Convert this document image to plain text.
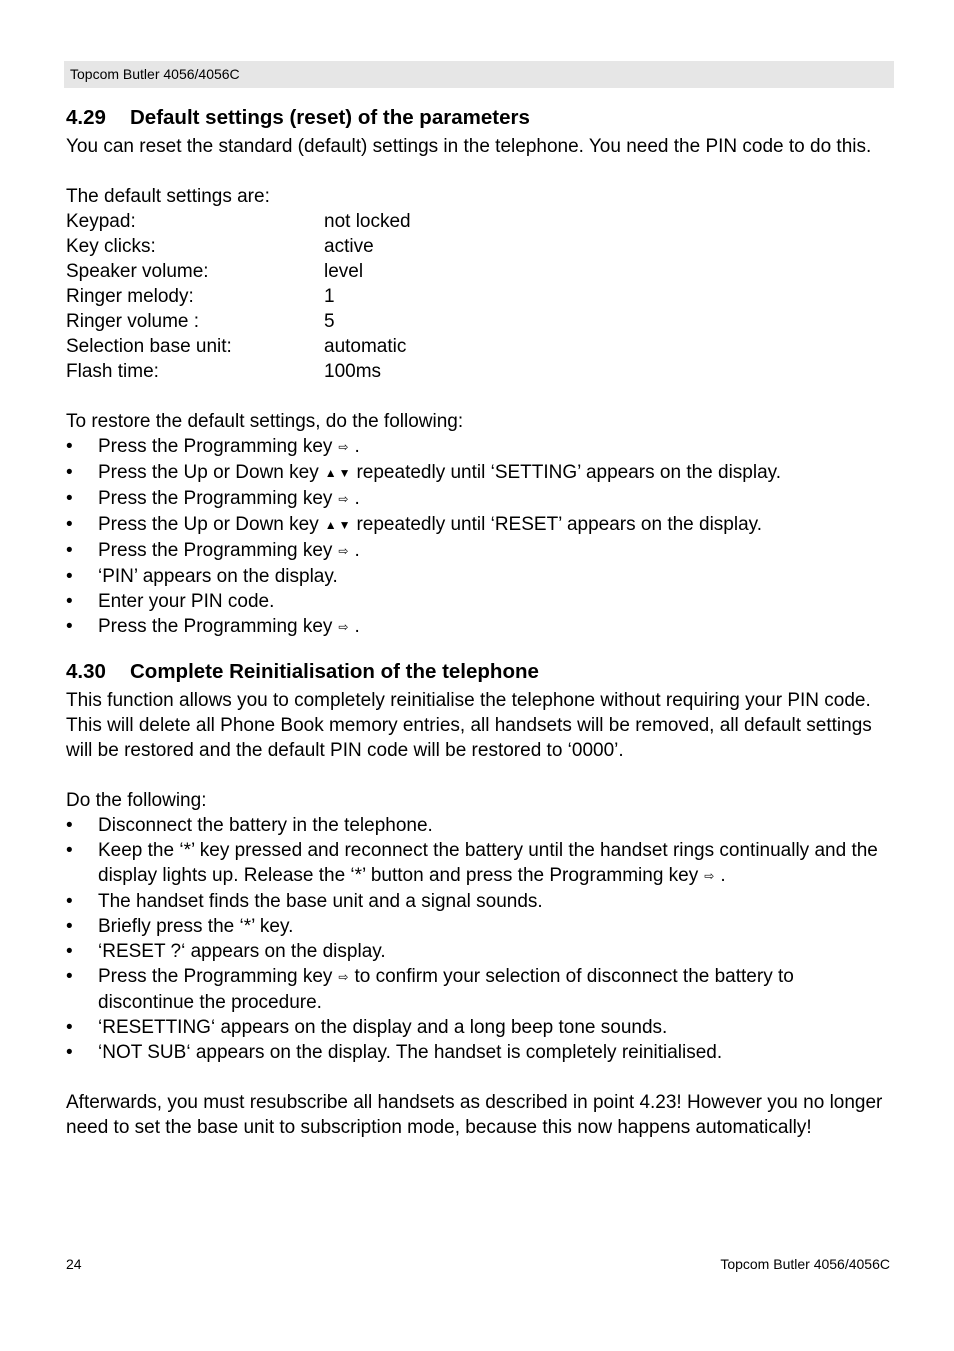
Topcom Butler 4056/4056C
4.29 Default settings (reset) of the parameters

You can reset the standard (default) settings in the telephone. You need the PIN code to do this.

The default settings are:

Keypad:	not locked
Key clicks:	active
Speaker volume:	level
Ringer melody:	1
Ringer volume :	5
Selection base unit:	automatic
Flash time:	100ms

To restore the default settings, do the following:

• Press the Programming key ⇨ .
• Press the Up or Down key ▲▼ repeatedly until ‘SETTING’ appears on the display.
• Press the Programming key ⇨ .
• Press the Up or Down key ▲▼ repeatedly until ‘RESET’ appears on the display.
• Press the Programming key ⇨ .
• ‘PIN’ appears on the display.
• Enter your PIN code.
• Press the Programming key ⇨ .
4.30 Complete Reinitialisation of the telephone

This function allows you to completely reinitialise the telephone without requiring your PIN code. This will delete all Phone Book memory entries, all handsets will be removed, all default settings will be restored and the default PIN code will be restored to ‘0000’.

Do the following:

• Disconnect the battery in the telephone.
• Keep the ‘*’ key pressed and reconnect the battery until the handset rings continually and the display lights up. Release the ‘*’ button and press the Programming key ⇨ .
• The handset finds the base unit and a signal sounds.
• Briefly press the ‘*’ key.
• ‘RESET ?‘ appears on the display.
• Press the Programming key ⇨ to confirm your selection of disconnect the battery to discontinue the procedure.
• ‘RESETTING‘ appears on the display and a long beep tone sounds.
• ‘NOT SUB‘ appears on the display. The handset is completely reinitialised.

Afterwards, you must resubscribe all handsets as described in point 4.23! However you no longer need to set the base unit to subscription mode, because this now happens automatically!

24	Topcom Butler 4056/4056C
